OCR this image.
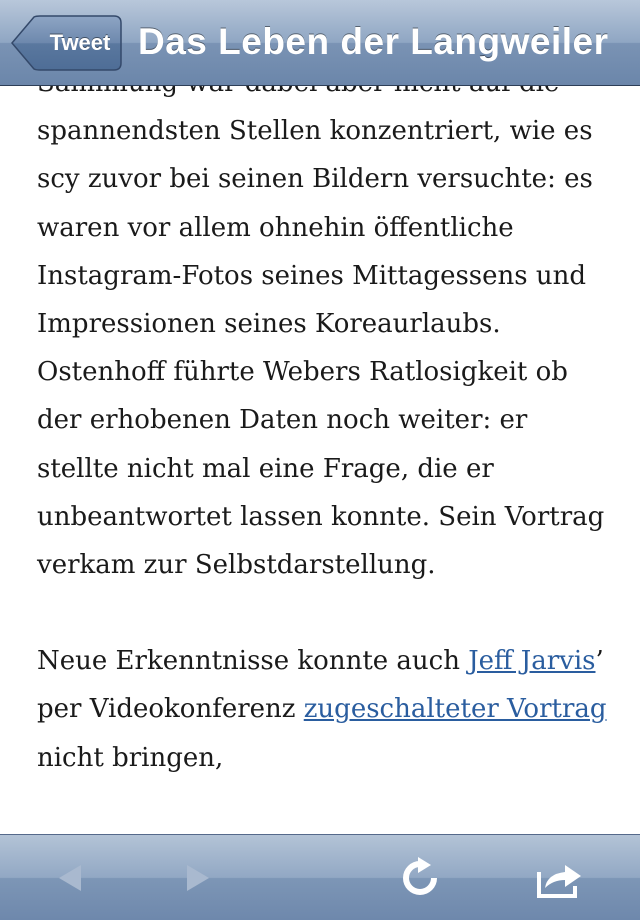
Tweet Das Leben der Langweiler

spannendsten Stellen konzentriert, wie es scy zuvor bei seinen Bildern versuchte: es waren vor allem ohnehin öffentliche Instagram-Fotos seines Mittagessens und Impressionen seines Koreaurlaubs. Ostenhoff führte Webers Ratlosigkeit ob der erhobenen Daten noch weiter: er stellte nicht mal eine Frage, die er unbeantwortet lassen konnte. Sein Vortrag verkam zur Selbstdarstellung.

Neue Erkenntnisse konnte auch Jeff Jarvis’ per Videokonferenz zugeschalteter Vortrag nicht bringen,
